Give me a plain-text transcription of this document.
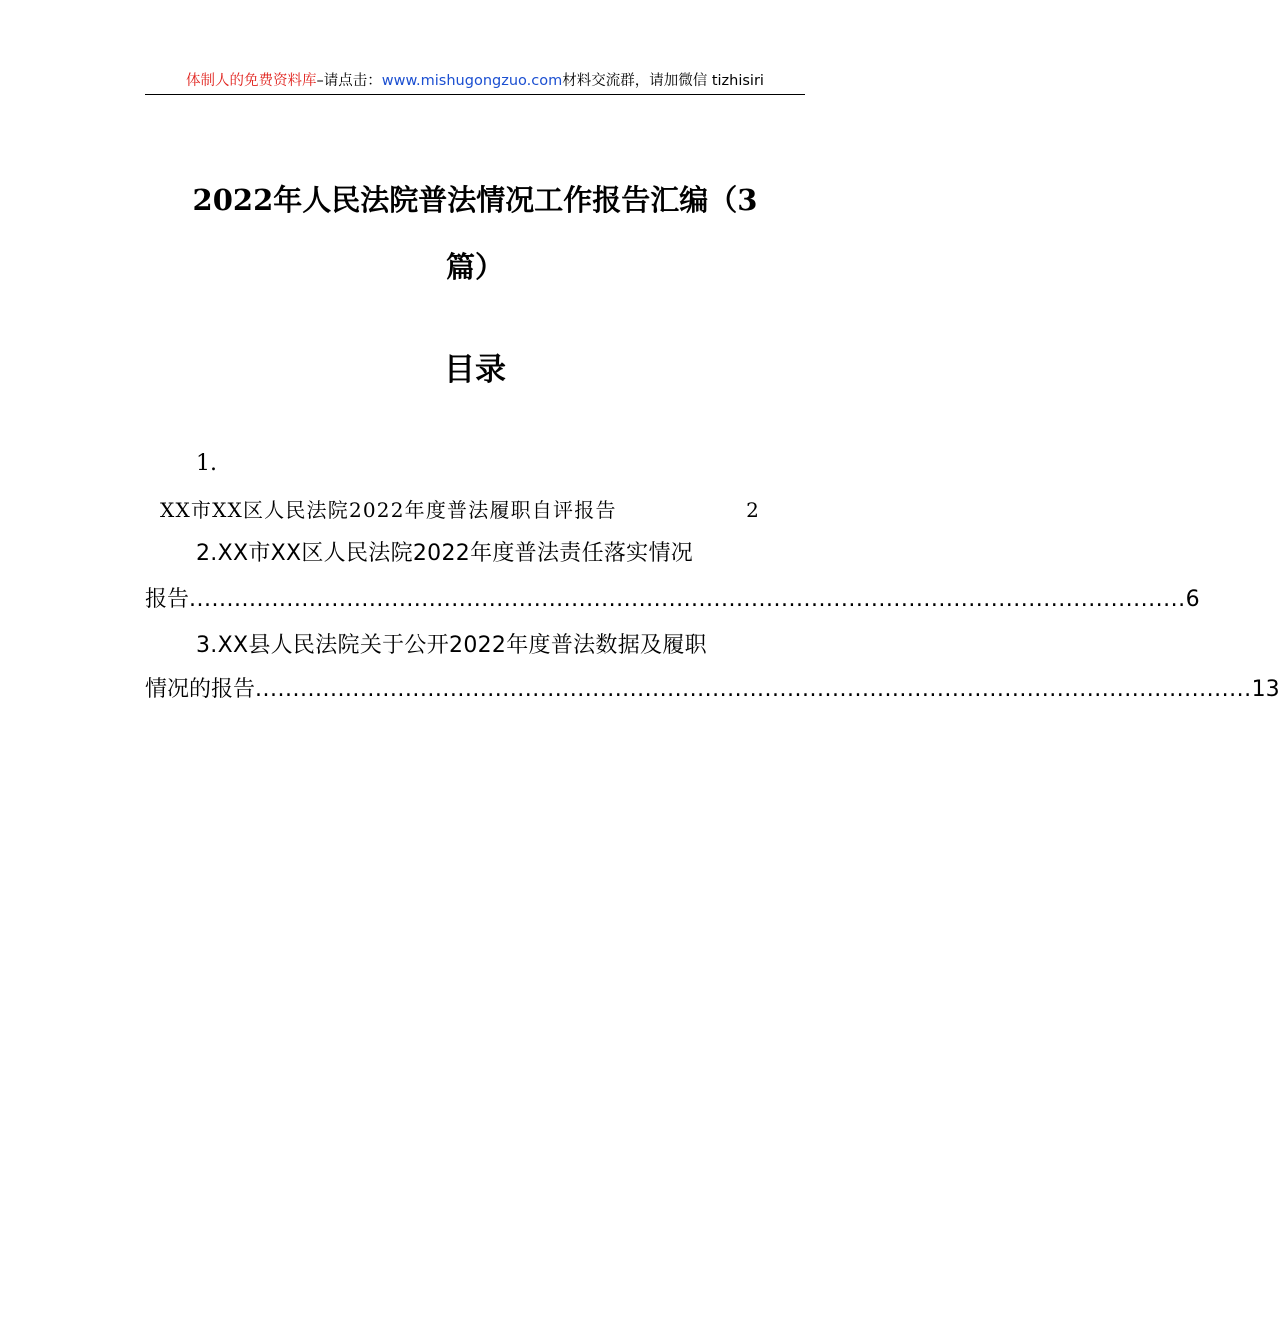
体制人的免费资料库–请点击：www.mishugongzuo.com材料交流群，请加微信 tizhisiri
2022年人民法院普法情况工作报告汇编（3
篇）
目录
1.
XX市XX区人民法院2022年度普法履职自评报告	2
2.XX市XX区人民法院2022年度普法责任落实情况
报告 ..................................................................................................................................... 6
3.XX县人民法院关于公开2022年度普法数据及履职
情况的报告 ..................................................................................................................................... 13
